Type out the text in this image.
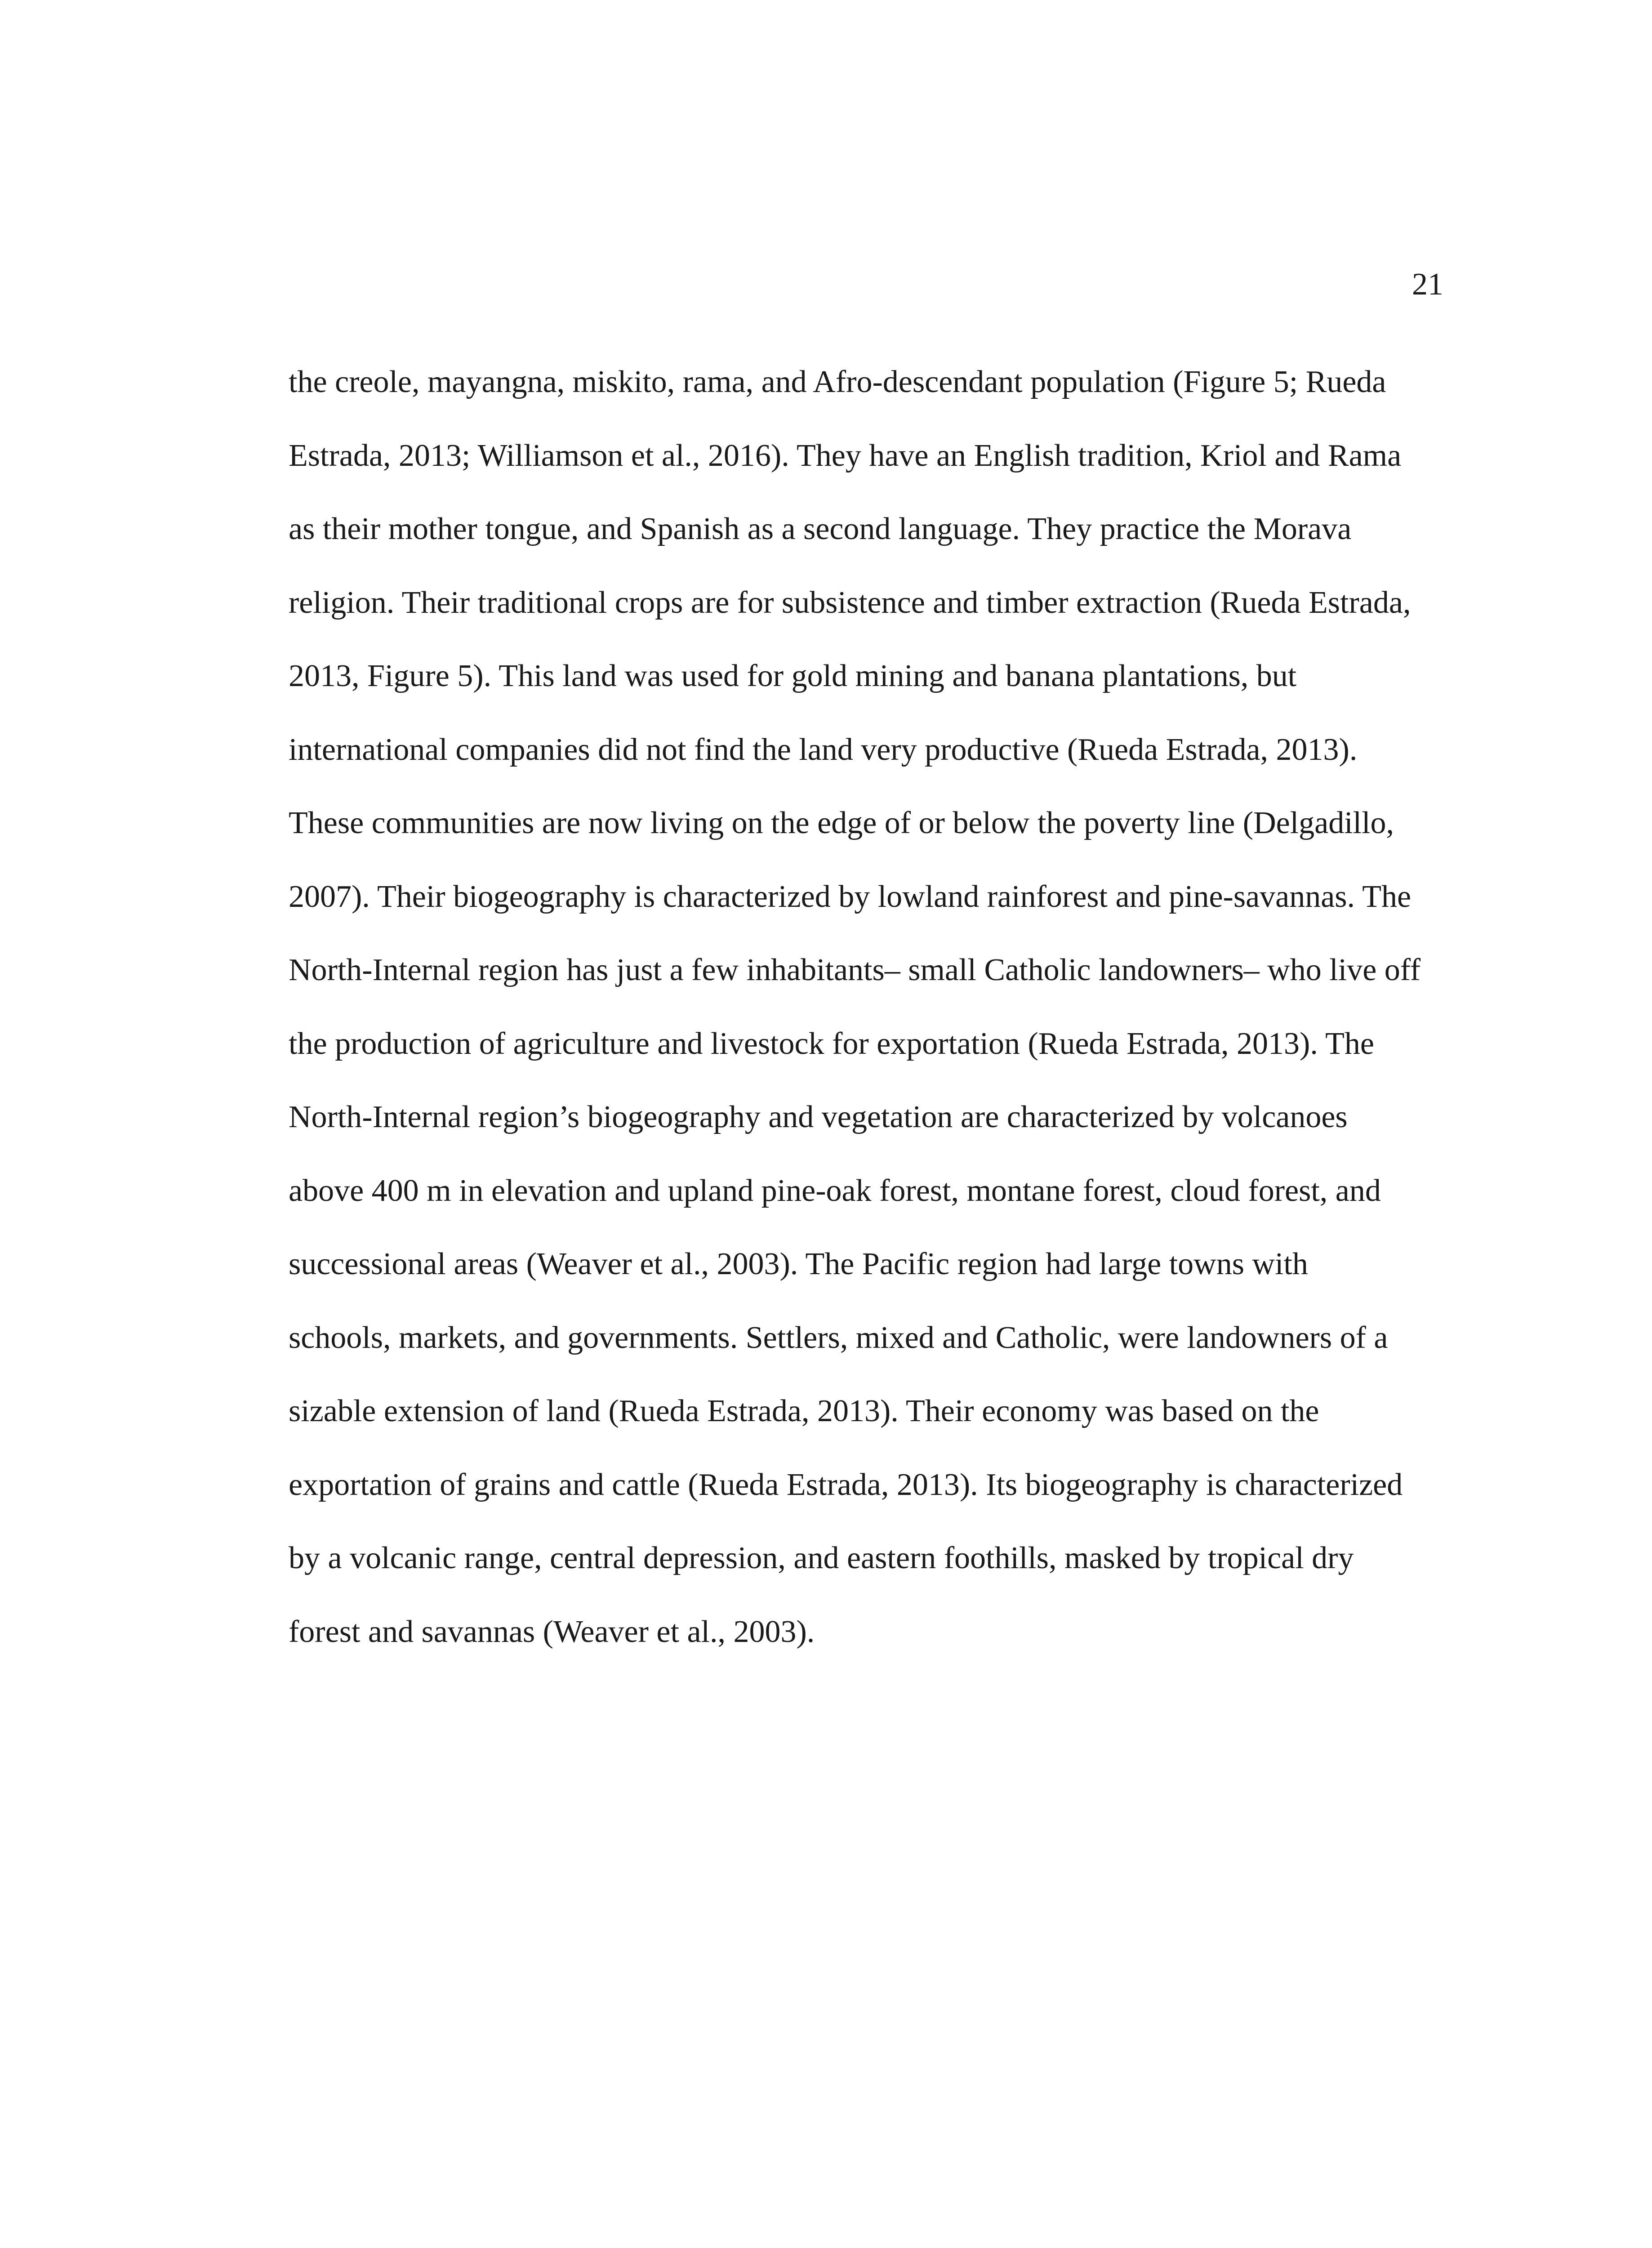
21
the creole, mayangna, miskito, rama, and Afro-descendant population (Figure 5; Rueda
Estrada, 2013; Williamson et al., 2016). They have an English tradition, Kriol and Rama
as their mother tongue, and Spanish as a second language. They practice the Morava
religion. Their traditional crops are for subsistence and timber extraction (Rueda Estrada,
2013, Figure 5). This land was used for gold mining and banana plantations, but
international companies did not find the land very productive (Rueda Estrada, 2013).
These communities are now living on the edge of or below the poverty line (Delgadillo,
2007). Their biogeography is characterized by lowland rainforest and pine-savannas. The
North-Internal region has just a few inhabitants– small Catholic landowners– who live off
the production of agriculture and livestock for exportation (Rueda Estrada, 2013). The
North-Internal region’s biogeography and vegetation are characterized by volcanoes
above 400 m in elevation and upland pine-oak forest, montane forest, cloud forest, and
successional areas (Weaver et al., 2003). The Pacific region had large towns with
schools, markets, and governments. Settlers, mixed and Catholic, were landowners of a
sizable extension of land (Rueda Estrada, 2013). Their economy was based on the
exportation of grains and cattle (Rueda Estrada, 2013). Its biogeography is characterized
by a volcanic range, central depression, and eastern foothills, masked by tropical dry
forest and savannas (Weaver et al., 2003).
